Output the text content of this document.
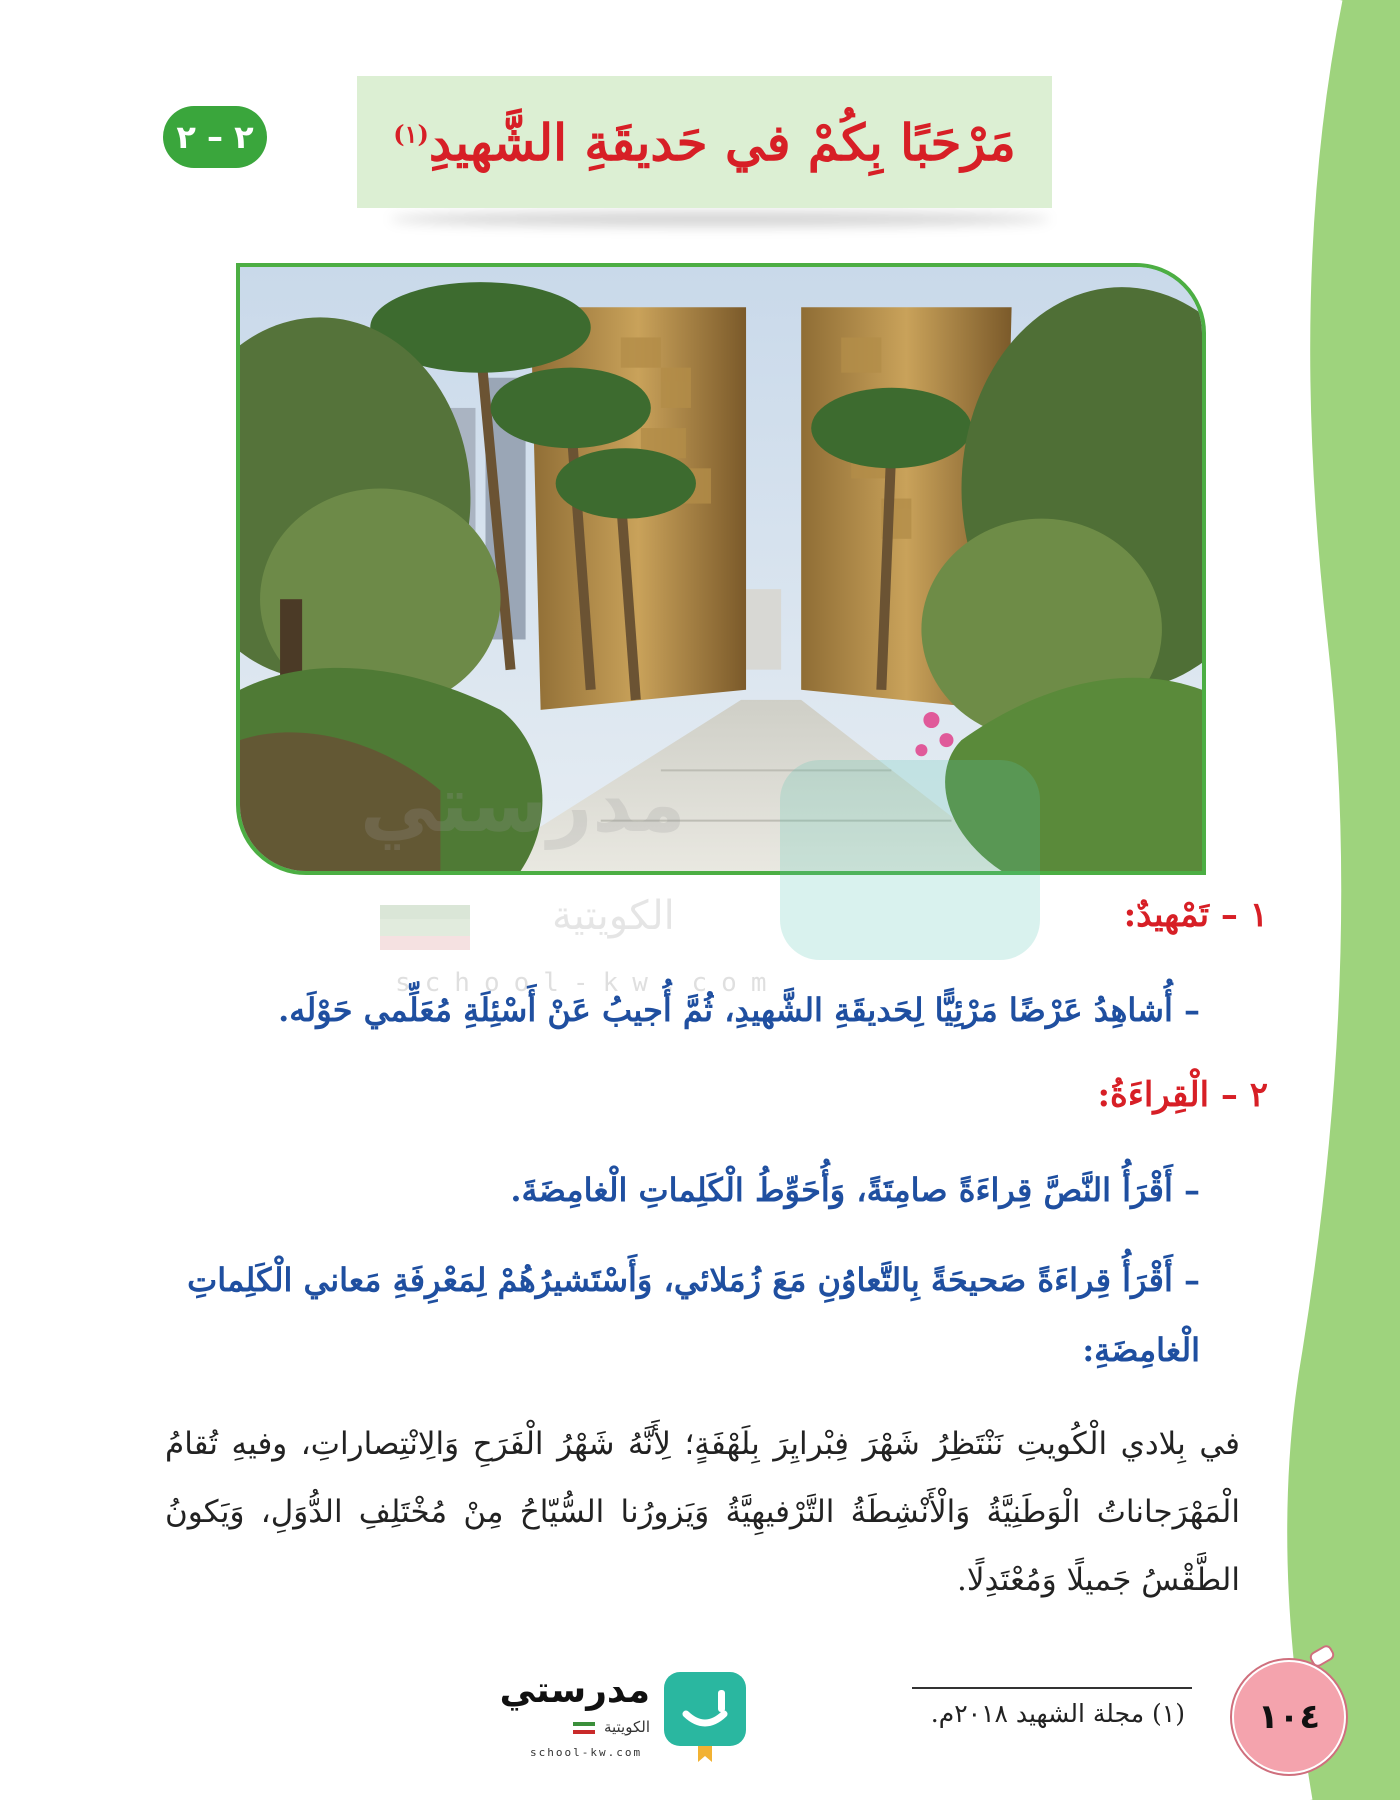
٢ – ٢	مَرْحَبًا بِكُمْ في حَديقَةِ الشَّهيدِ$^{(١)}$
مدرستي
الكويتية
school-kw.com
١ – تَمْهيدٌ:
– أُشاهِدُ عَرْضًا مَرْئِيًّا لِحَديقَةِ الشَّهيدِ، ثُمَّ أُجيبُ عَنْ أَسْئِلَةِ مُعَلِّمي حَوْلَه.
٢ – الْقِراءَةُ:
– أَقْرَأُ النَّصَّ قِراءَةً صامِتَةً، وَأُحَوِّطُ الْكَلِماتِ الْغامِضَةَ.
– أَقْرَأُ قِراءَةً صَحيحَةً بِالتَّعاوُنِ مَعَ زُمَلائي، وَأَسْتَشيرُهُمْ لِمَعْرِفَةِ مَعاني الْكَلِماتِ الْغامِضَةِ:
في بِلادي الْكُويتِ نَنْتَظِرُ شَهْرَ فِبْرايِرَ بِلَهْفَةٍ؛ لِأَنَّهُ شَهْرُ الْفَرَحِ وَالِانْتِصاراتِ، وفيهِ تُقامُ الْمَهْرَجاناتُ الْوَطَنِيَّةُ وَالْأَنْشِطَةُ التَّرْفيهِيَّةُ وَيَزورُنا السُّيّاحُ مِنْ مُخْتَلِفِ الدُّوَلِ، وَيَكونُ الطَّقْسُ جَميلًا وَمُعْتَدِلًا.
(١) مجلة الشهيد ٢٠١٨م.	١٠٤
مدرستي
الكويتية
school-kw.com
